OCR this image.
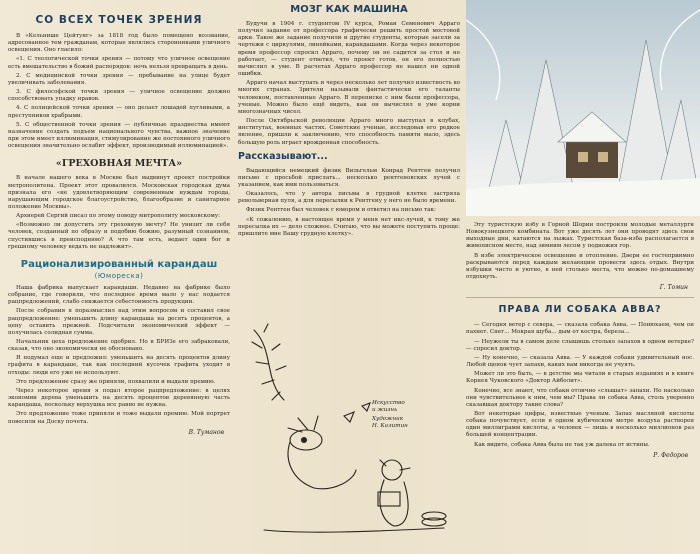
СО ВСЕХ ТОЧЕК ЗРЕНИЯ

В «Кельнише Цейтунг» за 1818 год было помещено воззвание, адресованное тем гражданам, которые являлись сторонниками уличного освещения. Оно гласило:

«1. С теологической точки зрения — потому что уличное освещение есть вмешательство в божий распорядок: ночь нельзя превращать в день.

2. С медицинской точки зрения — пребывание на улице будет увеличивать заболевания.

3. С философской точки зрения — уличное освещение должно способствовать упадку нравов.

4. С полицейской точки зрения — оно делает лошадей пугливыми, а преступников храбрыми.

5. С общественной точки зрения — публичные празднества имеют назначение создать подъем национального чувства, важное значение при этом имеет иллюминация, стимулирование же постоянного уличного освещения значительно ослабит эффект, производимый иллюминацией».

«ГРЕХОВНАЯ МЕЧТА»

В начале нашего века в Москве был выдвинут проект постройки метрополитена. Проект этот провалился. Московская городская дума признала его «не удовлетворяющим современным нуждам города, нарушающим городское благоустройство, благообразие и санитарное положение Москвы».

Архиерей Сергий писал по этому поводу митрополиту московскому:

«Возможно ли допустить эту греховную мечту? Не унизит ли себя человек, созданный по образу и подобию божию, разумный сознанием, спустившись в преисподнюю? А что там есть, ведает один бог и грешному человеку ведать не надлежит».

Рационализированный карандаш
(Юмореска)

Наша фабрика выпускает карандаши. Недавно на фабрике было собрание, где говорили, что последнее время мало у нас подается рацпредложений, слабо снижается себестоимость продукции.

После собрания я поразмыслил над этим вопросом и составил свое рацпредложение: уменьшить длину карандаша на десять процентов, а цену оставить прежней. Подсчитали экономический эффект — получилась солидная сумма.

Начальник цеха предложение одобрил. Но в БРИЗе его забраковали, сказав, что оно экономически не обосновано.

Я подумал еще и предложил: уменьшить на десять процентов длину графита в карандаше, так как последний кусочек графита уходит в отходы: люди его уже не используют.

Это предложение сразу же приняли, похвалили и выдали премию.

Через некоторое время я подал второе рацпредложение: в целях экономии дерева уменьшить на десять процентов деревянную часть карандаша, поскольку верхушка все равно не нужна.

Это предложение тоже приняли и тоже выдали премию. Мой портрет повесили на Доску почета.

В. Туманов
МОЗГ КАК МАШИНА

Будучи в 1904 г. студентом IV курса, Роман Семенович Арраго получил задание от профессора графически решить простой мостовой арки. Такое же задание получили и другие студенты, которые засели за чертежи с циркулями, линейками, карандашами. Когда через некоторое время профессор спросил Арраго, почему он не садится за стол и не работает, — студент ответил, что проект готов, он его полностью вычислил в уме. В расчетах Арраго профессор не нашел ни одной ошибки.

Арраго начал выступать и через несколько лет получил известность во многих странах. Зрители называли фантастически его таланты человеком, поставленные Арраго. В переписке с ним были профессора, ученые. Можно было ещё видеть, как он вычислял в уме корни многозначных чисел.

После Октябрьской революции Арраго много выступал в клубах, институтах, военных частях. Советские ученые, исследовав его редкое явление, пришли к заключению, что способность памяти мало, здесь большую роль играет врожденная способность.

Рассказывают...

Выдающийся немецкий физик Вильгельм Конрад Рентген получил письмо с просьбой прислать... несколько рентгеновских лучей с указанием, как ими пользоваться.

Оказалось, что у автора письма в грудной клетке застряла револьверная пуля, а для пересылки к Рентгену у него не было времени.

Физик Рентген был человек с юмором и ответил на письмо так:

«К сожалению, в настоящее время у меня нет икс-лучей, к тому же пересылка их — дело сложное. Считаю, что вы можете поступить проще: пришлите мне Вашу грудную клетку».

Искусство
и жизнь
Художник
Н. Калитин

Эту туристскую избу в Горной Шории построили молодые металлурги Новокузнецкого комбината. Вот уже десять лет они проводят здесь свои выходные дни, катаются на лыжах. Туристская база-изба располагается в живописном месте, над зимним лесом у подножия гор.

В избе электрическое освещение и отопление. Двери ее гостеприимно раскрываются перед каждым желающим провести здесь отдых. Внутри избушки чисто и уютно, в ней столько места, что можно по-домашнему отдохнуть.

Г. Томин
ПРАВА ЛИ СОБАКА АВВА?

— Сегодня ветер с севера, — сказала собака Авва. — Понюхаем, чем он пахнет. Снег... Мокрая шуба... дым от костра, береза...

— Неужели ты в самом деле слышишь столько запахов в одном ветерке? — спросил доктор.

— Ну конечно, — сказала Авва. — У каждой собаки удивительный нос. Любой щенок чует запахи, каких вам никогда не учуять.

Может ли это быть, — в детстве мы читали в старых изданиях и в книге Корнея Чуковского «Доктор Айболит».

Конечно, все знают, что собаки отлично «слышат» запахи. Но насколько они чувствительнее к ним, чем мы? Права ли собака Авва, столь уверенно сказавшая доктору такие слова?

Вот некоторые цифры, известные ученым. Запах масляной кислоты собака почувствует, если в одном кубическом метре воздуха растворен один миллиграмм кислоты, а человек — лишь в несколько миллионов раз большей концентрации.

Как видите, собака Авва была не так уж далека от истины.

Р. Федоров
